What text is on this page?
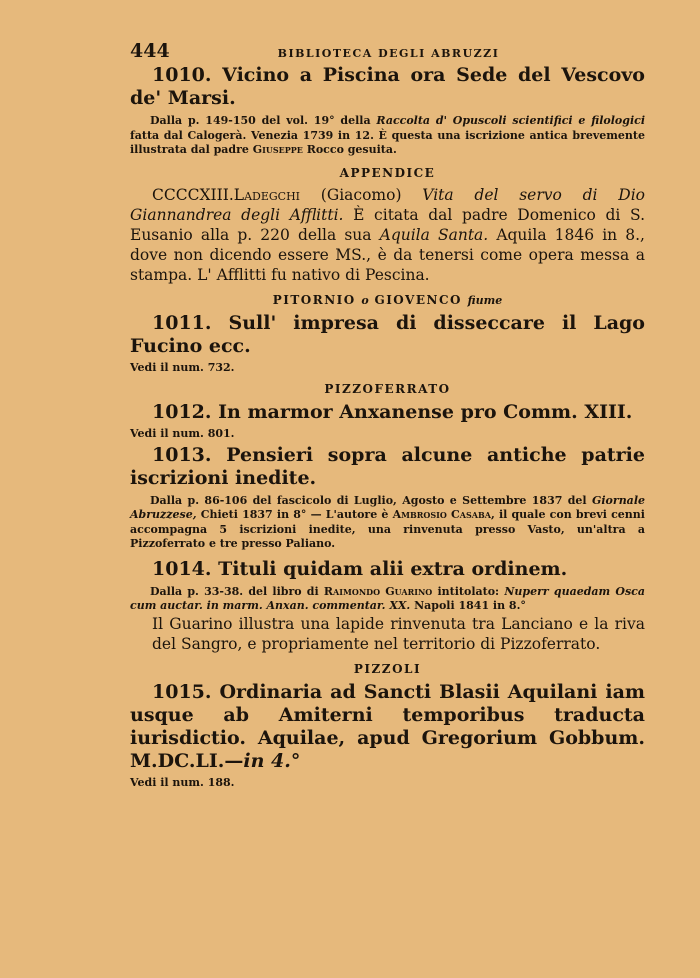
444	BIBLIOTECA DEGLI ABRUZZI

1010. Vicino a Piscina ora Sede del Vescovo de' Marsi.

Dalla p. 149-150 del vol. 19° della Raccolta d' Opuscoli scientifici e filologici fatta dal Calogerà. Venezia 1739 in 12. È questa una iscrizione antica brevemente illustrata dal padre Giuseppe Rocco gesuita.

APPENDICE

CCCCXIII.Ladegchi (Giacomo) Vita del servo di Dio Giannandrea degli Afflitti. È citata dal padre Domenico di S. Eusanio alla p. 220 della sua Aquila Santa. Aquila 1846 in 8., dove non dicendo essere MS., è da tenersi come opera messa a stampa. L' Afflitti fu nativo di Pescina.

PITORNIO o GIOVENCO fiume

1011. Sull' impresa di disseccare il Lago Fucino ecc.

Vedi il num. 732.

PIZZOFERRATO

1012. In marmor Anxanense pro Comm. XIII.

Vedi il num. 801.

1013. Pensieri sopra alcune antiche patrie iscrizioni inedite.

Dalla p. 86-106 del fascicolo di Luglio, Agosto e Settembre 1837 del Giornale Abruzzese, Chieti 1837 in 8° — L'autore è Ambrosio Casaba, il quale con brevi cenni accompagna 5 iscrizioni inedite, una rinvenuta presso Vasto, un'altra a Pizzoferrato e tre presso Paliano.

1014. Tituli quidam alii extra ordinem.

Dalla p. 33-38. del libro di Raimondo Guarino intitolato: Nuperr quaedam Osca cum auctar. in marm. Anxan. commentar. XX. Napoli 1841 in 8.°

Il Guarino illustra una lapide rinvenuta tra Lanciano e la riva del Sangro, e propriamente nel territorio di Pizzoferrato.

PIZZOLI

1015. Ordinaria ad Sancti Blasii Aquilani iam usque ab Amiterni temporibus traducta iurisdictio. Aquilae, apud Gregorium Gobbum. M.DC.LI.—in 4.°

Vedi il num. 188.
